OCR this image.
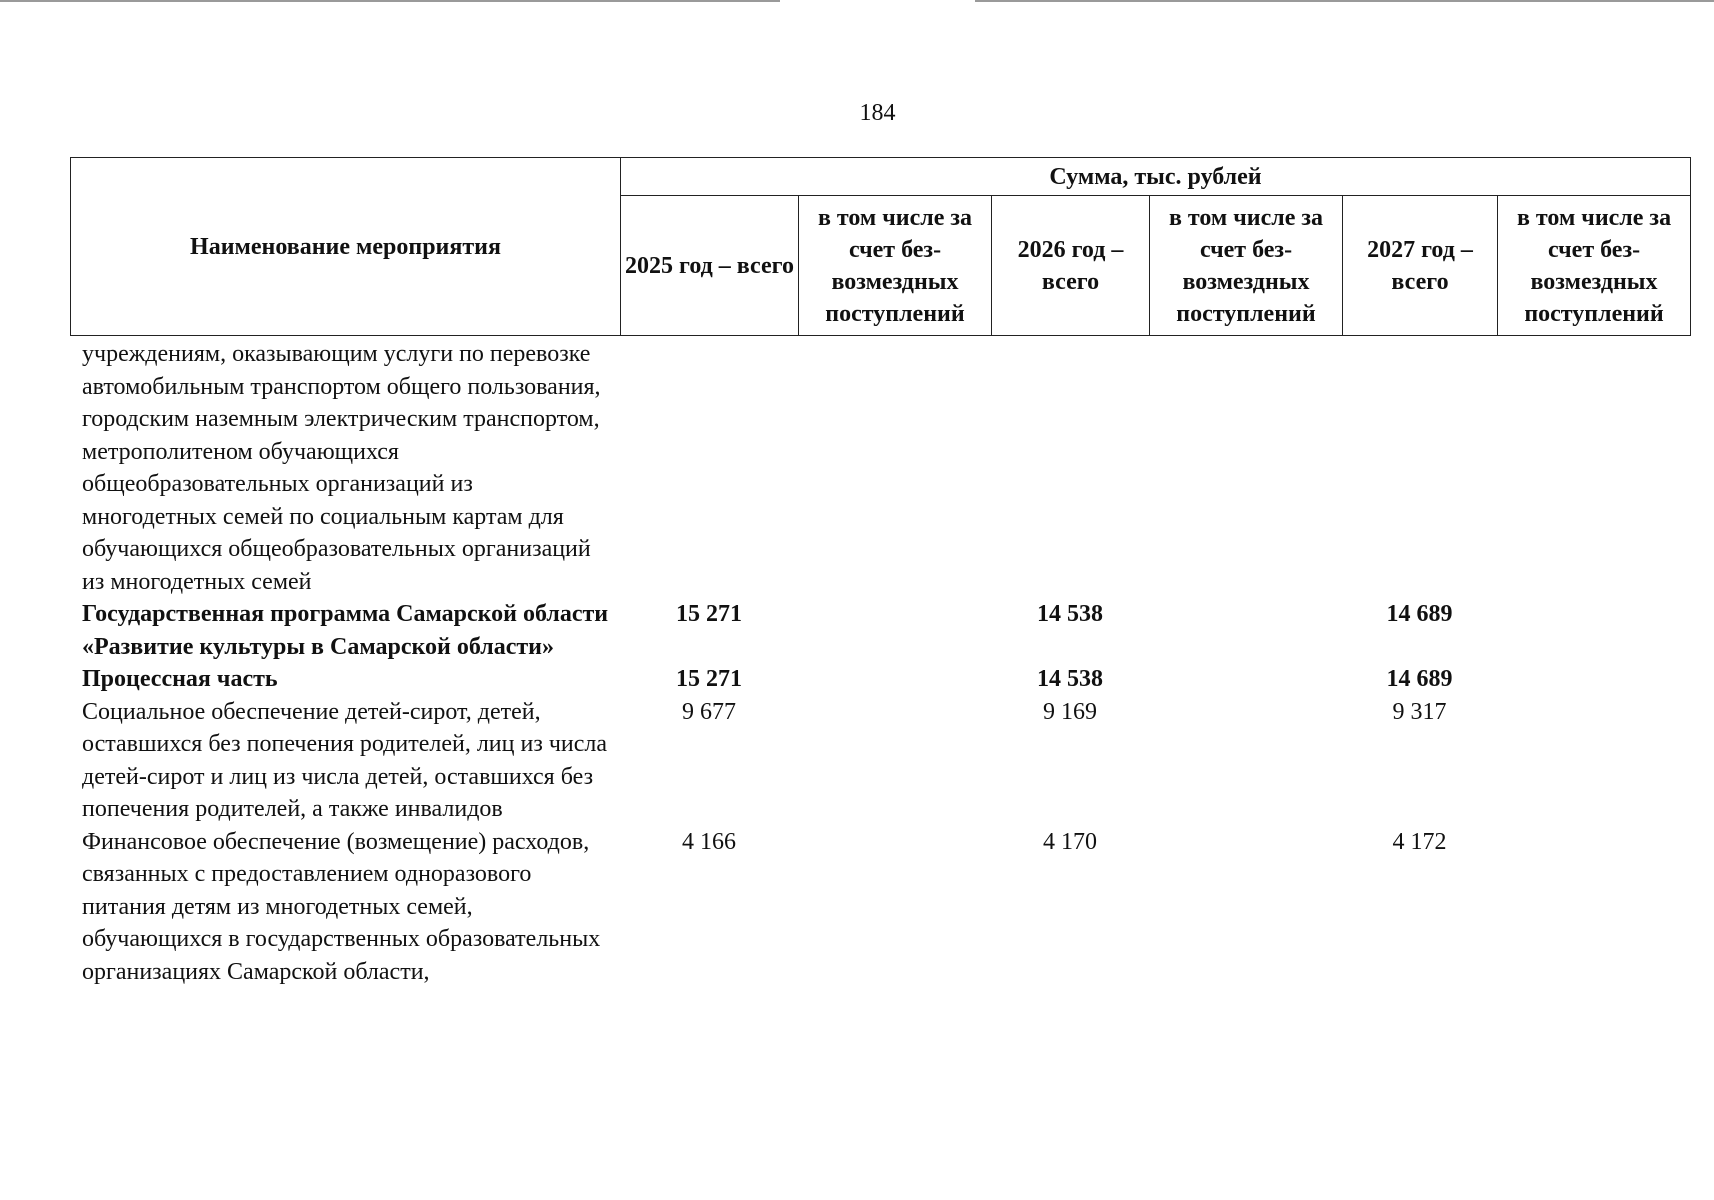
184
Наименование мероприятия	Сумма, тыс. рублей					
	2025 год – всего	в том числе за счет без-возмездных поступлений	2026 год – всего	в том числе за счет без-возмездных поступлений	2027 год – всего	в том числе за счет без-возмездных поступлений
учреждениям, оказывающим услуги по перевозке автомобильным транспортом общего пользования, городским наземным электрическим транспортом, метрополитеном обучающихся общеобразовательных организаций из многодетных семей по социальным картам для обучающихся общеобразовательных организаций из многодетных семей						
Государственная программа Самарской области «Развитие культуры в Самарской области»	15 271		14 538		14 689	
Процессная часть	15 271		14 538		14 689	
Социальное обеспечение детей-сирот, детей, оставшихся без попечения родителей, лиц из числа детей-сирот и лиц из числа детей, оставшихся без попечения родителей, а также инвалидов	9 677		9 169		9 317	
Финансовое обеспечение (возмещение) расходов, связанных с предоставлением одноразового питания детям из многодетных семей, обучающихся в государственных образовательных организациях Самарской области,	4 166		4 170		4 172	
